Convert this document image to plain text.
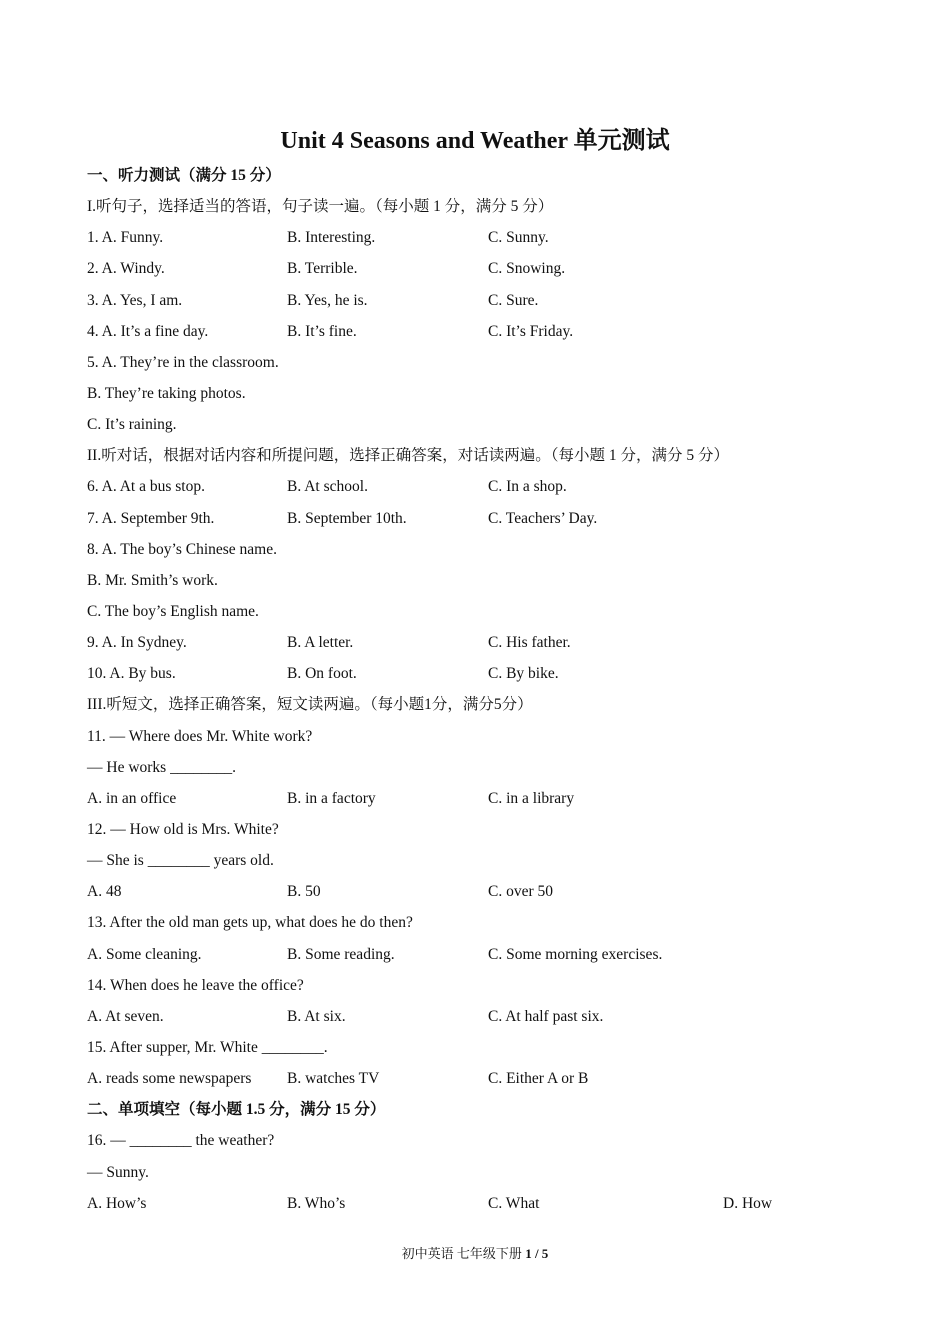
Unit 4 Seasons and Weather 单元测试
一、听力测试（满分 15 分）
I.听句子，选择适当的答语，句子读一遍。（每小题 1 分，满分 5 分）
1. A. Funny.	B. Interesting.	C. Sunny.
2. A. Windy.	B. Terrible.	C. Snowing.
3. A. Yes, I am.	B. Yes, he is.	C. Sure.
4. A. It’s a fine day.	B. It’s fine.	C. It’s Friday.
5. A. They’re in the classroom.
B. They’re taking photos.
C. It’s raining.
II.听对话，根据对话内容和所提问题，选择正确答案，对话读两遍。（每小题 1 分，满分 5 分）
6. A. At a bus stop.	B. At school.	C. In a shop.
7. A. September 9th.	B. September 10th.	C. Teachers’ Day.
8. A. The boy’s Chinese name.
B. Mr. Smith’s work.
C. The boy’s English name.
9. A. In Sydney.	B. A letter.	C. His father.
10. A. By bus.	B. On foot.	C. By bike.
III.听短文，选择正确答案，短文读两遍。（每小题1分，满分5分）
11. — Where does Mr. White work?
— He works ________.
A. in an office	B. in a factory	C. in a library
12. — How old is Mrs. White?
— She is ________ years old.
A. 48	B. 50	C. over 50
13. After the old man gets up, what does he do then?
A. Some cleaning.	B. Some reading.	C. Some morning exercises.
14. When does he leave the office?
A. At seven.	B. At six.	C. At half past six.
15. After supper, Mr. White ________.
A. reads some newspapers B. watches TV	C. Either A or B
二、单项填空（每小题 1.5 分，满分 15 分）
16. — ________ the weather?
— Sunny.
A. How’s	B. Who’s	C. What	D. How
初中英语 七年级下册 1 / 5
